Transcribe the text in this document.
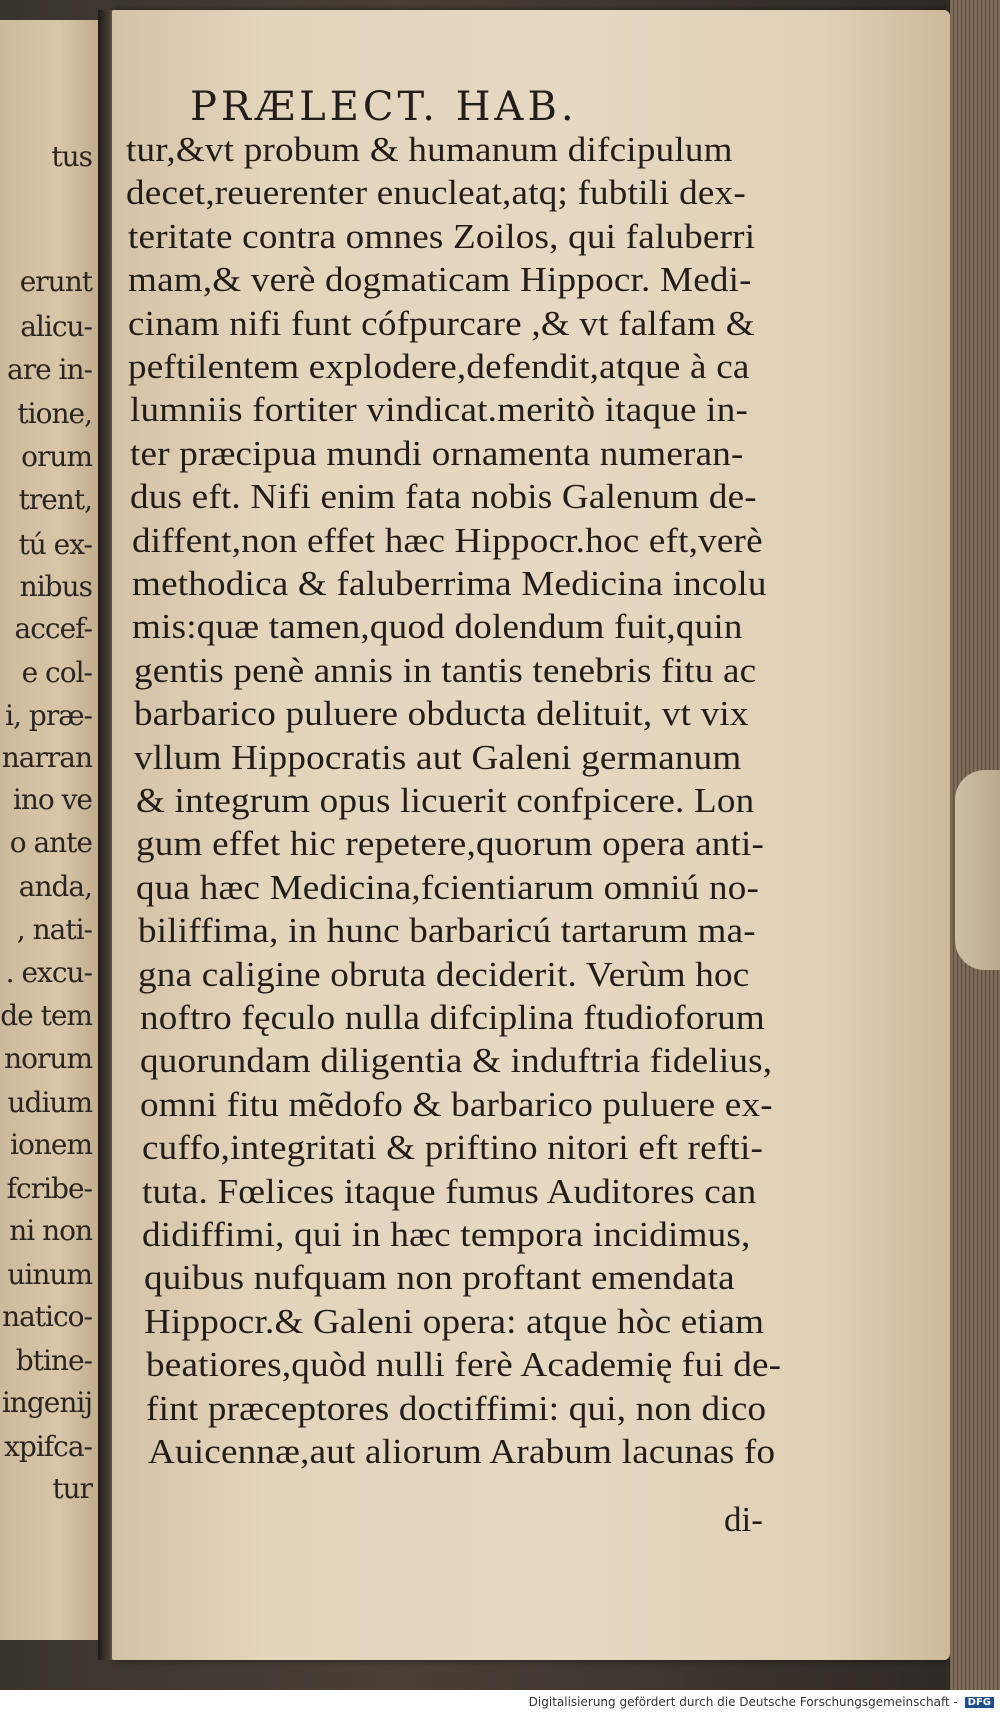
tus
erunt
alicu-
are in-
tione,
orum
trent,
tú ex-
nibus
accef-
e col-
i, præ-
narran
ino ve
o ante
anda,
, nati-
. excu-
de tem
norum
udium
ionem
fcribe-
ni non
uinum
natico-
btine-
ingenij
xpifca-
tur
PRÆLECT. HAB.
tur,&vt probum & humanum difcipulum
decet,reuerenter enucleat,atq; fubtili dex-
teritate contra omnes Zoilos, qui faluberri
mam,& verè dogmaticam Hippocr. Medi-
cinam nifi funt cófpurcare ,& vt falfam &
peftilentem explodere,defendit,atque à ca
lumniis fortiter vindicat.meritò itaque in-
ter præcipua mundi ornamenta numeran-
dus eft. Nifi enim fata nobis Galenum de-
diffent,non effet hæc Hippocr.hoc eft,verè
methodica & faluberrima Medicina incolu
mis:quæ tamen,quod dolendum fuit,quin
gentis penè annis in tantis tenebris fitu ac
barbarico puluere obducta delituit, vt vix
vllum Hippocratis aut Galeni germanum
& integrum opus licuerit confpicere. Lon
gum effet hic repetere,quorum opera anti-
qua hæc Medicina,fcientiarum omniú no-
biliffima, in hunc barbaricú tartarum ma-
gna caligine obruta deciderit. Verùm hoc
noftro fęculo nulla difciplina ftudioforum
quorundam diligentia & induftria fidelius,
omni fitu mẽdofo & barbarico puluere ex-
cuffo,integritati & priftino nitori eft refti-
tuta. Fœlices itaque fumus Auditores can
didiffimi, qui in hæc tempora incidimus,
quibus nufquam non proftant emendata
Hippocr.& Galeni opera: atque hòc etiam
beatiores,quòd nulli ferè Academię fui de-
fint præceptores doctiffimi: qui, non dico
Auicennæ,aut aliorum Arabum lacunas fo
di-
Digitalisierung gefördert durch die Deutsche Forschungsgemeinschaft - DFG
